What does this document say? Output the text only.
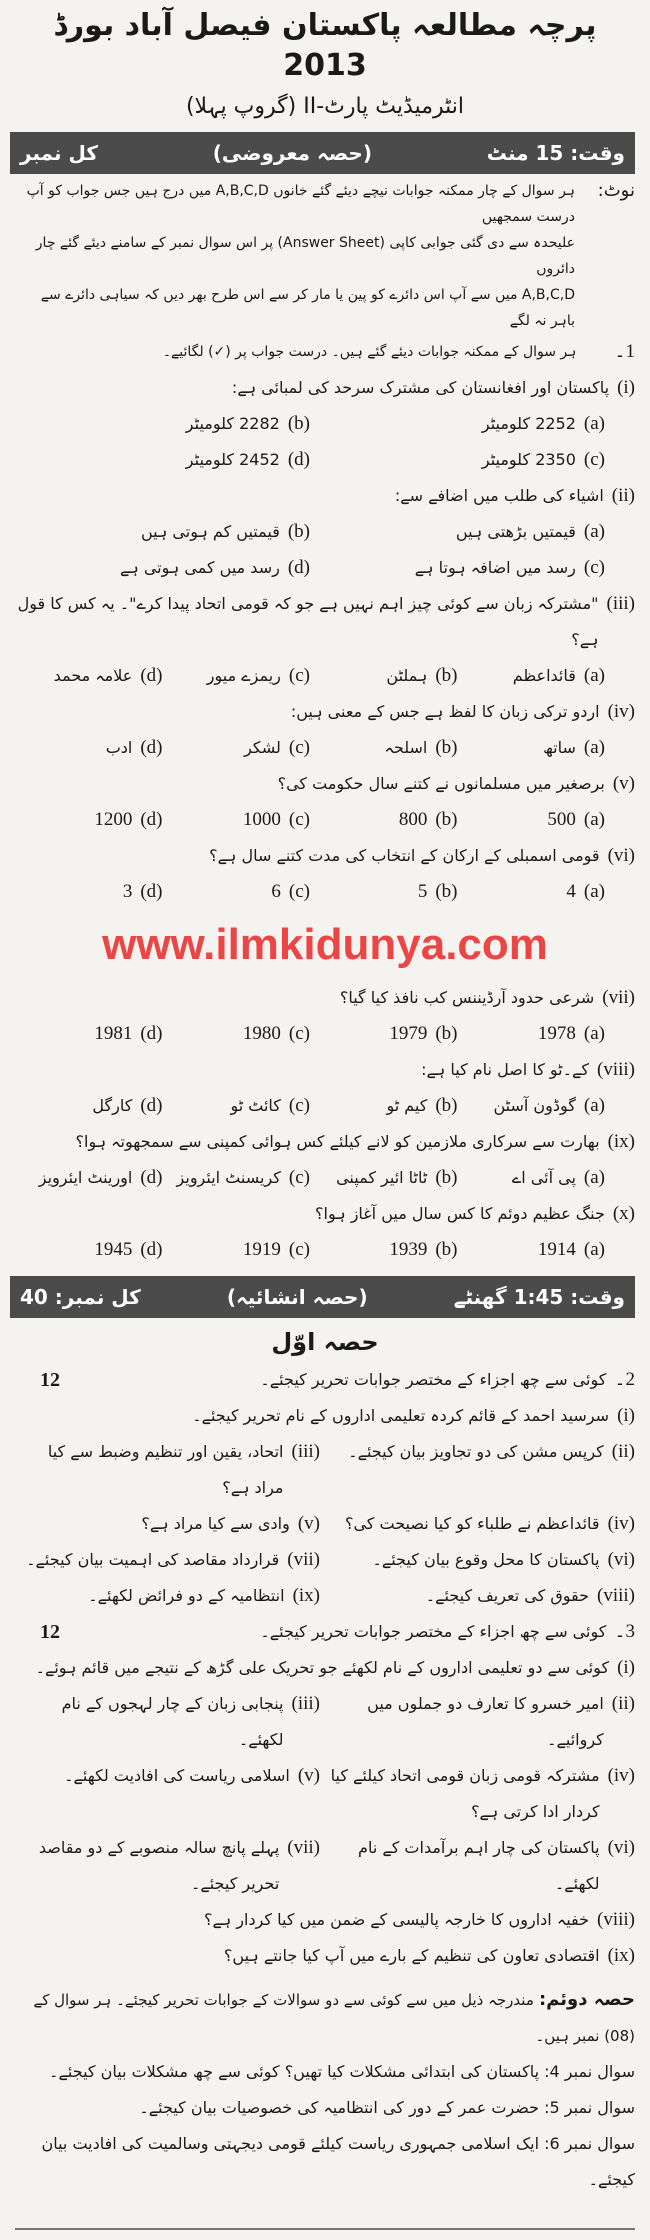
پرچہ مطالعہ پاکستان فیصل آباد بورڈ 2013
انٹرمیڈیٹ پارٹ-II (گروپ پہلا)
وقت: 15 منٹ
(حصہ معروضی)
کل نمبر
نوٹ:
ہر سوال کے چار ممکنہ جوابات نیچے دیئے گئے خانوں A,B,C,D میں درج ہیں جس جواب کو آپ درست سمجھیں
علیحدہ سے دی گئی جوابی کاپی (Answer Sheet) پر اس سوال نمبر کے سامنے دیئے گئے چار دائروں
A,B,C,D میں سے آپ اس دائرے کو پین یا مار کر سے اس طرح بھر دیں کہ سیاہی دائرے سے باہر نہ لگے
1۔
ہر سوال کے ممکنہ جوابات دیئے گئے ہیں۔ درست جواب پر (✓) لگائیے۔
(i)
پاکستان اور افغانستان کی مشترک سرحد کی لمبائی ہے:
(a)
2252 کلومیٹر
(b)
2282 کلومیٹر
(c)
2350 کلومیٹر
(d)
2452 کلومیٹر
(ii)
اشیاء کی طلب میں اضافے سے:
(a)
قیمتیں بڑھتی ہیں
(b)
قیمتیں کم ہوتی ہیں
(c)
رسد میں اضافہ ہوتا ہے
(d)
رسد میں کمی ہوتی ہے
(iii)
"مشترکہ زبان سے کوئی چیز اہم نہیں ہے جو کہ قومی اتحاد پیدا کرے"۔ یہ کس کا قول ہے؟
(a)
قائداعظم
(b)
ہملٹن
(c)
ریمزے میور
(d)
علامہ محمد
(iv)
اردو ترکی زبان کا لفظ ہے جس کے معنی ہیں:
(a)
ساتھ
(b)
اسلحہ
(c)
لشکر
(d)
ادب
(v)
برصغیر میں مسلمانوں نے کتنے سال حکومت کی؟
(a)
500
(b)
800
(c)
1000
(d)
1200
(vi)
قومی اسمبلی کے ارکان کے انتخاب کی مدت کتنے سال ہے؟
(a)
4
(b)
5
(c)
6
(d)
3
www.ilmkidunya.com
(vii)
شرعی حدود آرڈیننس کب نافذ کیا گیا؟
(a)
1978
(b)
1979
(c)
1980
(d)
1981
(viii)
کے۔ٹو کا اصل نام کیا ہے:
(a)
گوڈون آسٹن
(b)
کیم ٹو
(c)
کائٹ ٹو
(d)
کارگل
(ix)
بھارت سے سرکاری ملازمین کو لانے کیلئے کس ہوائی کمپنی سے سمجھوتہ ہوا؟
(a)
پی آئی اے
(b)
ٹاٹا ائیر کمپنی
(c)
کریسنٹ ایئرویز
(d)
اورینٹ ایئرویز
(x)
جنگ عظیم دوئم کا کس سال میں آغاز ہوا؟
(a)
1914
(b)
1939
(c)
1919
(d)
1945
وقت: 1:45 گھنٹے
(حصہ انشائیہ)
کل نمبر: 40
حصہ اوّل
2۔کوئی سے چھ اجزاء کے مختصر جوابات تحریر کیجئے۔
12
(i)
سرسید احمد کے قائم کردہ تعلیمی اداروں کے نام تحریر کیجئے۔
(ii)
کرپس مشن کی دو تجاویز بیان کیجئے۔
(iii)
اتحاد، یقین اور تنظیم وضبط سے کیا مراد ہے؟
(iv)
قائداعظم نے طلباء کو کیا نصیحت کی؟
(v)
وادی سے کیا مراد ہے؟
(vi)
پاکستان کا محل وقوع بیان کیجئے۔
(vii)
قرارداد مقاصد کی اہمیت بیان کیجئے۔
(viii)
حقوق کی تعریف کیجئے۔
(ix)
انتظامیہ کے دو فرائض لکھئے۔
3۔کوئی سے چھ اجزاء کے مختصر جوابات تحریر کیجئے۔
12
(i)
کوئی سے دو تعلیمی اداروں کے نام لکھئے جو تحریک علی گڑھ کے نتیجے میں قائم ہوئے۔
(ii)
امیر خسرو کا تعارف دو جملوں میں کروائیے۔
(iii)
پنجابی زبان کے چار لہجوں کے نام لکھئے۔
(iv)
مشترکہ قومی زبان قومی اتحاد کیلئے کیا کردار ادا کرتی ہے؟
(v)
اسلامی ریاست کی افادیت لکھئے۔
(vi)
پاکستان کی چار اہم برآمدات کے نام لکھئے۔
(vii)
پہلے پانچ سالہ منصوبے کے دو مقاصد تحریر کیجئے۔
(viii)
خفیہ اداروں کا خارجہ پالیسی کے ضمن میں کیا کردار ہے؟
(ix)
اقتصادی تعاون کی تنظیم کے بارے میں آپ کیا جانتے ہیں؟
حصہ دوئم: مندرجہ ذیل میں سے کوئی سے دو سوالات کے جوابات تحریر کیجئے۔ ہر سوال کے (08) نمبر ہیں۔
سوال نمبر 4: پاکستان کی ابتدائی مشکلات کیا تھیں؟ کوئی سے چھ مشکلات بیان کیجئے۔
سوال نمبر 5: حضرت عمر کے دور کی انتظامیہ کی خصوصیات بیان کیجئے۔
سوال نمبر 6: ایک اسلامی جمہوری ریاست کیلئے قومی دیجہتی وسالمیت کی افادیت بیان کیجئے۔
